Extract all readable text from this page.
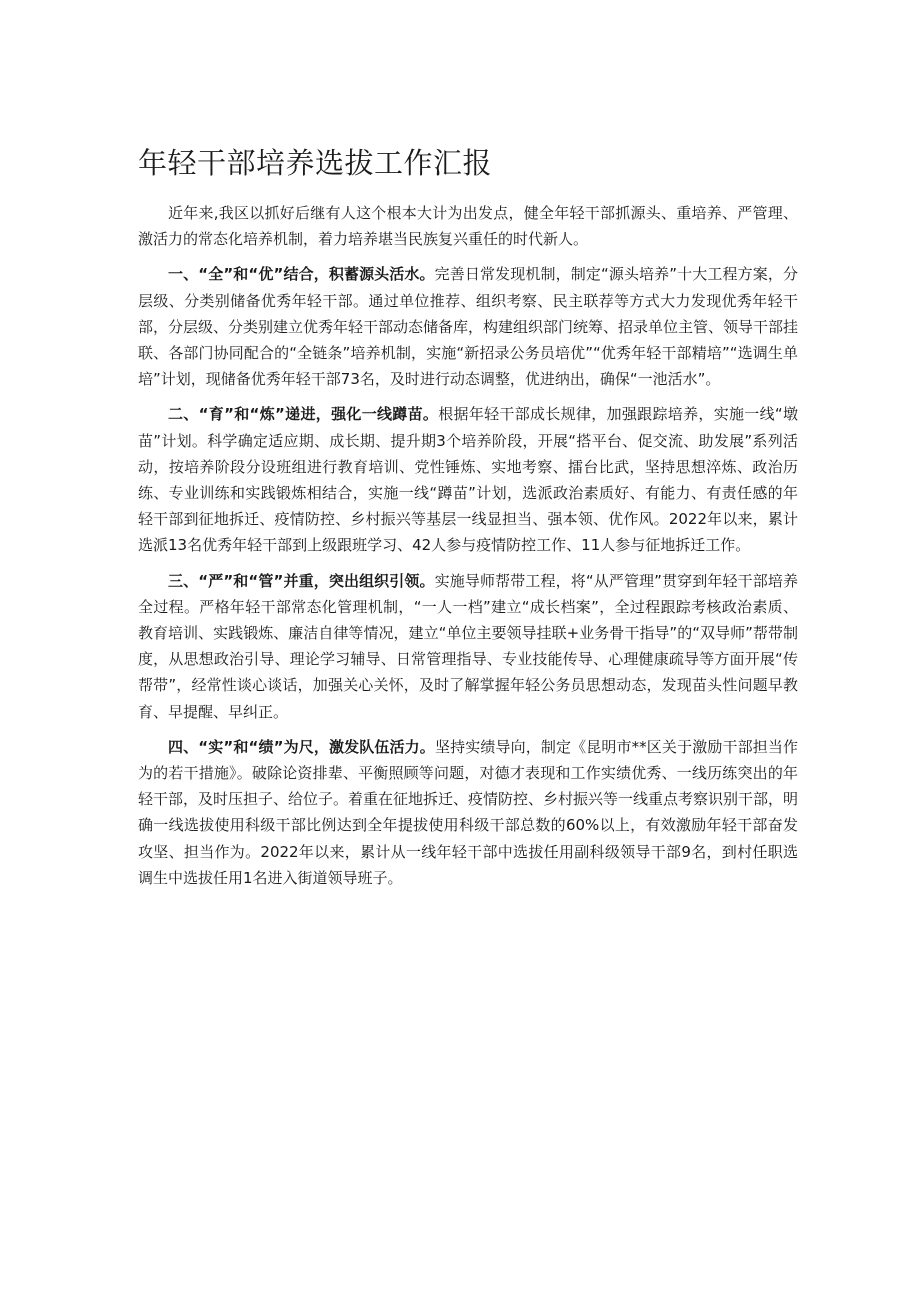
年轻干部培养选拔工作汇报

近年来,我区以抓好后继有人这个根本大计为出发点，健全年轻干部抓源头、重培养、严管理、激活力的常态化培养机制，着力培养堪当民族复兴重任的时代新人。

一、“全”和“优”结合，积蓄源头活水。完善日常发现机制，制定“源头培养”十大工程方案，分层级、分类别储备优秀年轻干部。通过单位推荐、组织考察、民主联荐等方式大力发现优秀年轻干部，分层级、分类别建立优秀年轻干部动态储备库，构建组织部门统筹、招录单位主管、领导干部挂联、各部门协同配合的“全链条”培养机制，实施“新招录公务员培优”“优秀年轻干部精培”“选调生单培”计划，现储备优秀年轻干部73名，及时进行动态调整，优进纳出，确保“一池活水”。

二、“育”和“炼”递进，强化一线蹲苗。根据年轻干部成长规律，加强跟踪培养，实施一线“墩苗”计划。科学确定适应期、成长期、提升期3个培养阶段，开展“搭平台、促交流、助发展”系列活动，按培养阶段分设班组进行教育培训、党性锤炼、实地考察、擂台比武，坚持思想淬炼、政治历练、专业训练和实践锻炼相结合，实施一线“蹲苗”计划，选派政治素质好、有能力、有责任感的年轻干部到征地拆迁、疫情防控、乡村振兴等基层一线显担当、强本领、优作风。2022年以来，累计选派13名优秀年轻干部到上级跟班学习、42人参与疫情防控工作、11人参与征地拆迁工作。

三、“严”和“管”并重，突出组织引领。实施导师帮带工程，将“从严管理”贯穿到年轻干部培养全过程。严格年轻干部常态化管理机制，“一人一档”建立“成长档案”，全过程跟踪考核政治素质、教育培训、实践锻炼、廉洁自律等情况，建立“单位主要领导挂联+业务骨干指导”的“双导师”帮带制度，从思想政治引导、理论学习辅导、日常管理指导、专业技能传导、心理健康疏导等方面开展“传帮带”，经常性谈心谈话，加强关心关怀，及时了解掌握年轻公务员思想动态，发现苗头性问题早教育、早提醒、早纠正。

四、“实”和“绩”为尺，激发队伍活力。坚持实绩导向，制定《昆明市**区关于激励干部担当作为的若干措施》。破除论资排辈、平衡照顾等问题，对德才表现和工作实绩优秀、一线历练突出的年轻干部，及时压担子、给位子。着重在征地拆迁、疫情防控、乡村振兴等一线重点考察识别干部，明确一线选拔使用科级干部比例达到全年提拔使用科级干部总数的60%以上，有效激励年轻干部奋发攻坚、担当作为。2022年以来，累计从一线年轻干部中选拔任用副科级领导干部9名，到村任职选调生中选拔任用1名进入街道领导班子。
